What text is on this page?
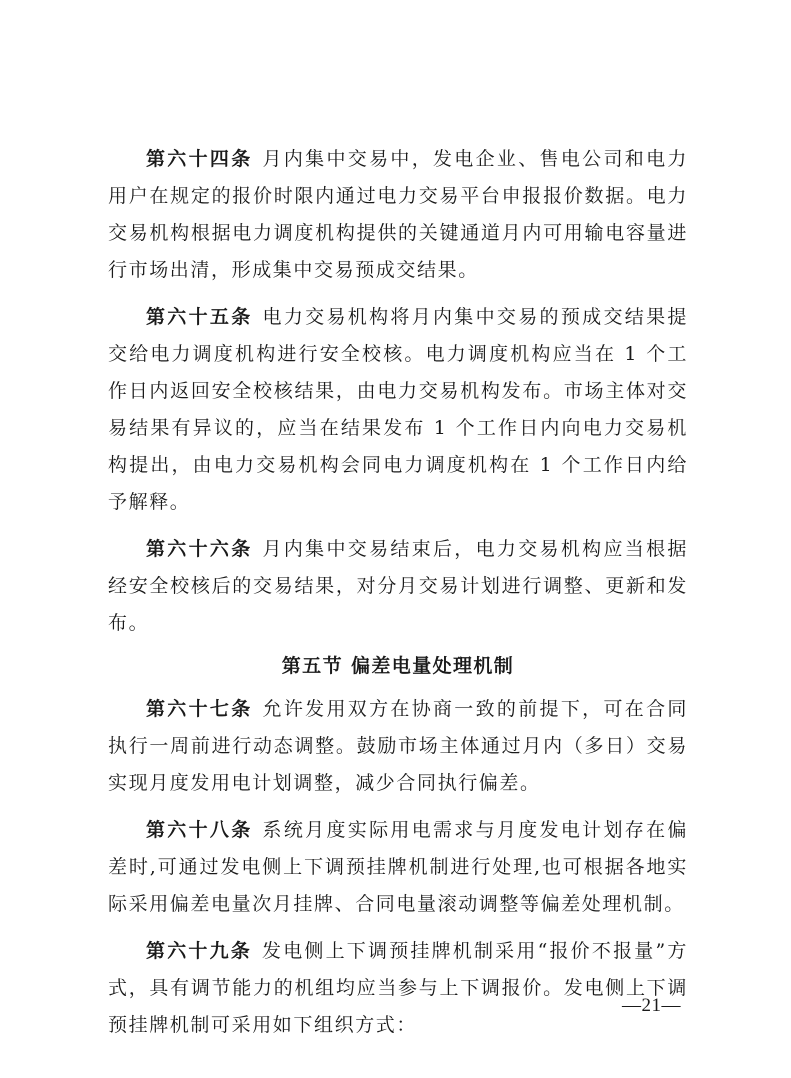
第六十四条 月内集中交易中，发电企业、售电公司和电力用户在规定的报价时限内通过电力交易平台申报报价数据。电力交易机构根据电力调度机构提供的关键通道月内可用输电容量进行市场出清，形成集中交易预成交结果。

第六十五条 电力交易机构将月内集中交易的预成交结果提交给电力调度机构进行安全校核。电力调度机构应当在 1 个工作日内返回安全校核结果，由电力交易机构发布。市场主体对交易结果有异议的，应当在结果发布 1 个工作日内向电力交易机构提出，由电力交易机构会同电力调度机构在 1 个工作日内给予解释。

第六十六条 月内集中交易结束后，电力交易机构应当根据经安全校核后的交易结果，对分月交易计划进行调整、更新和发布。

第五节 偏差电量处理机制

第六十七条 允许发用双方在协商一致的前提下，可在合同执行一周前进行动态调整。鼓励市场主体通过月内（多日）交易实现月度发用电计划调整，减少合同执行偏差。

第六十八条 系统月度实际用电需求与月度发电计划存在偏差时,可通过发电侧上下调预挂牌机制进行处理,也可根据各地实际采用偏差电量次月挂牌、合同电量滚动调整等偏差处理机制。

第六十九条 发电侧上下调预挂牌机制采用“报价不报量”方式，具有调节能力的机组均应当参与上下调报价。发电侧上下调预挂牌机制可采用如下组织方式：

—21—
